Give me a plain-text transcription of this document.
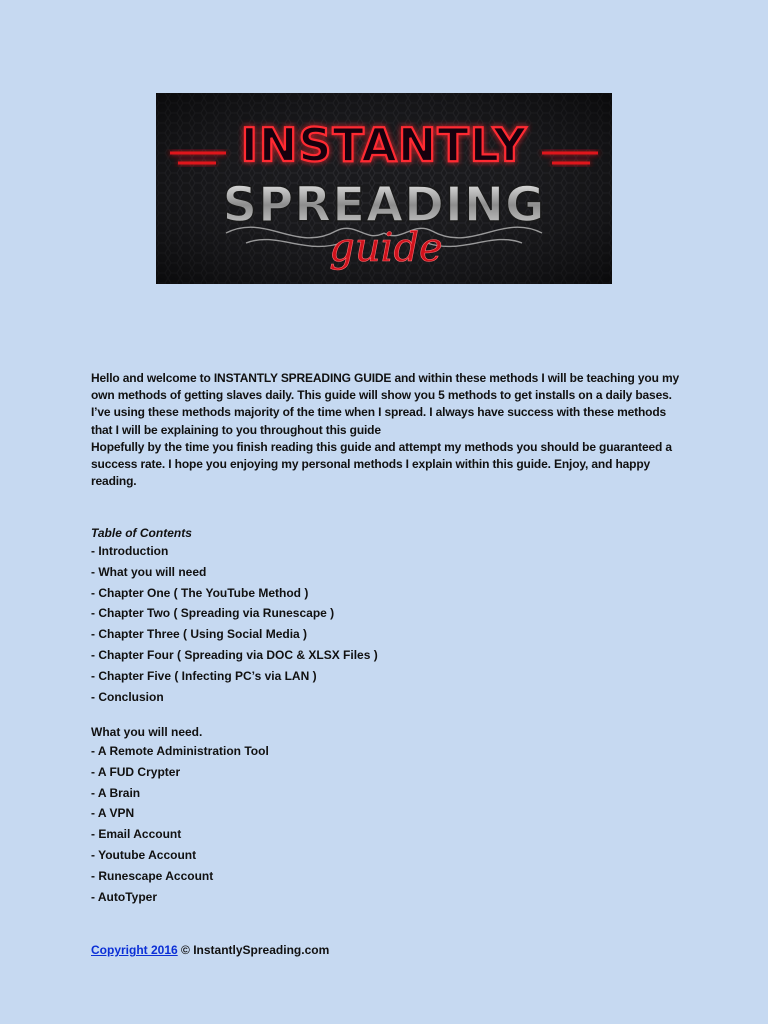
INSTANTLY
SPREADING
guide

Hello and welcome to INSTANTLY SPREADING GUIDE and within these methods I will be teaching you my own methods of getting slaves daily. This guide will show you 5 methods to get installs on a daily bases. I’ve using these methods majority of the time when I spread. I always have success with these methods that I will be explaining to you throughout this guide

Hopefully by the time you finish reading this guide and attempt my methods you should be guaranteed a success rate. I hope you enjoying my personal methods I explain within this guide. Enjoy, and happy reading.

Table of Contents
- Introduction
- What you will need
- Chapter One ( The YouTube Method )
- Chapter Two ( Spreading via Runescape )
- Chapter Three ( Using Social Media )
- Chapter Four ( Spreading via DOC & XLSX Files )
- Chapter Five ( Infecting PC’s via LAN )
- Conclusion
What you will need.
- A Remote Administration Tool
- A FUD Crypter
- A Brain
- A VPN
- Email Account
- Youtube Account
- Runescape Account
- AutoTyper
Copyright 2016 © InstantlySpreading.com
